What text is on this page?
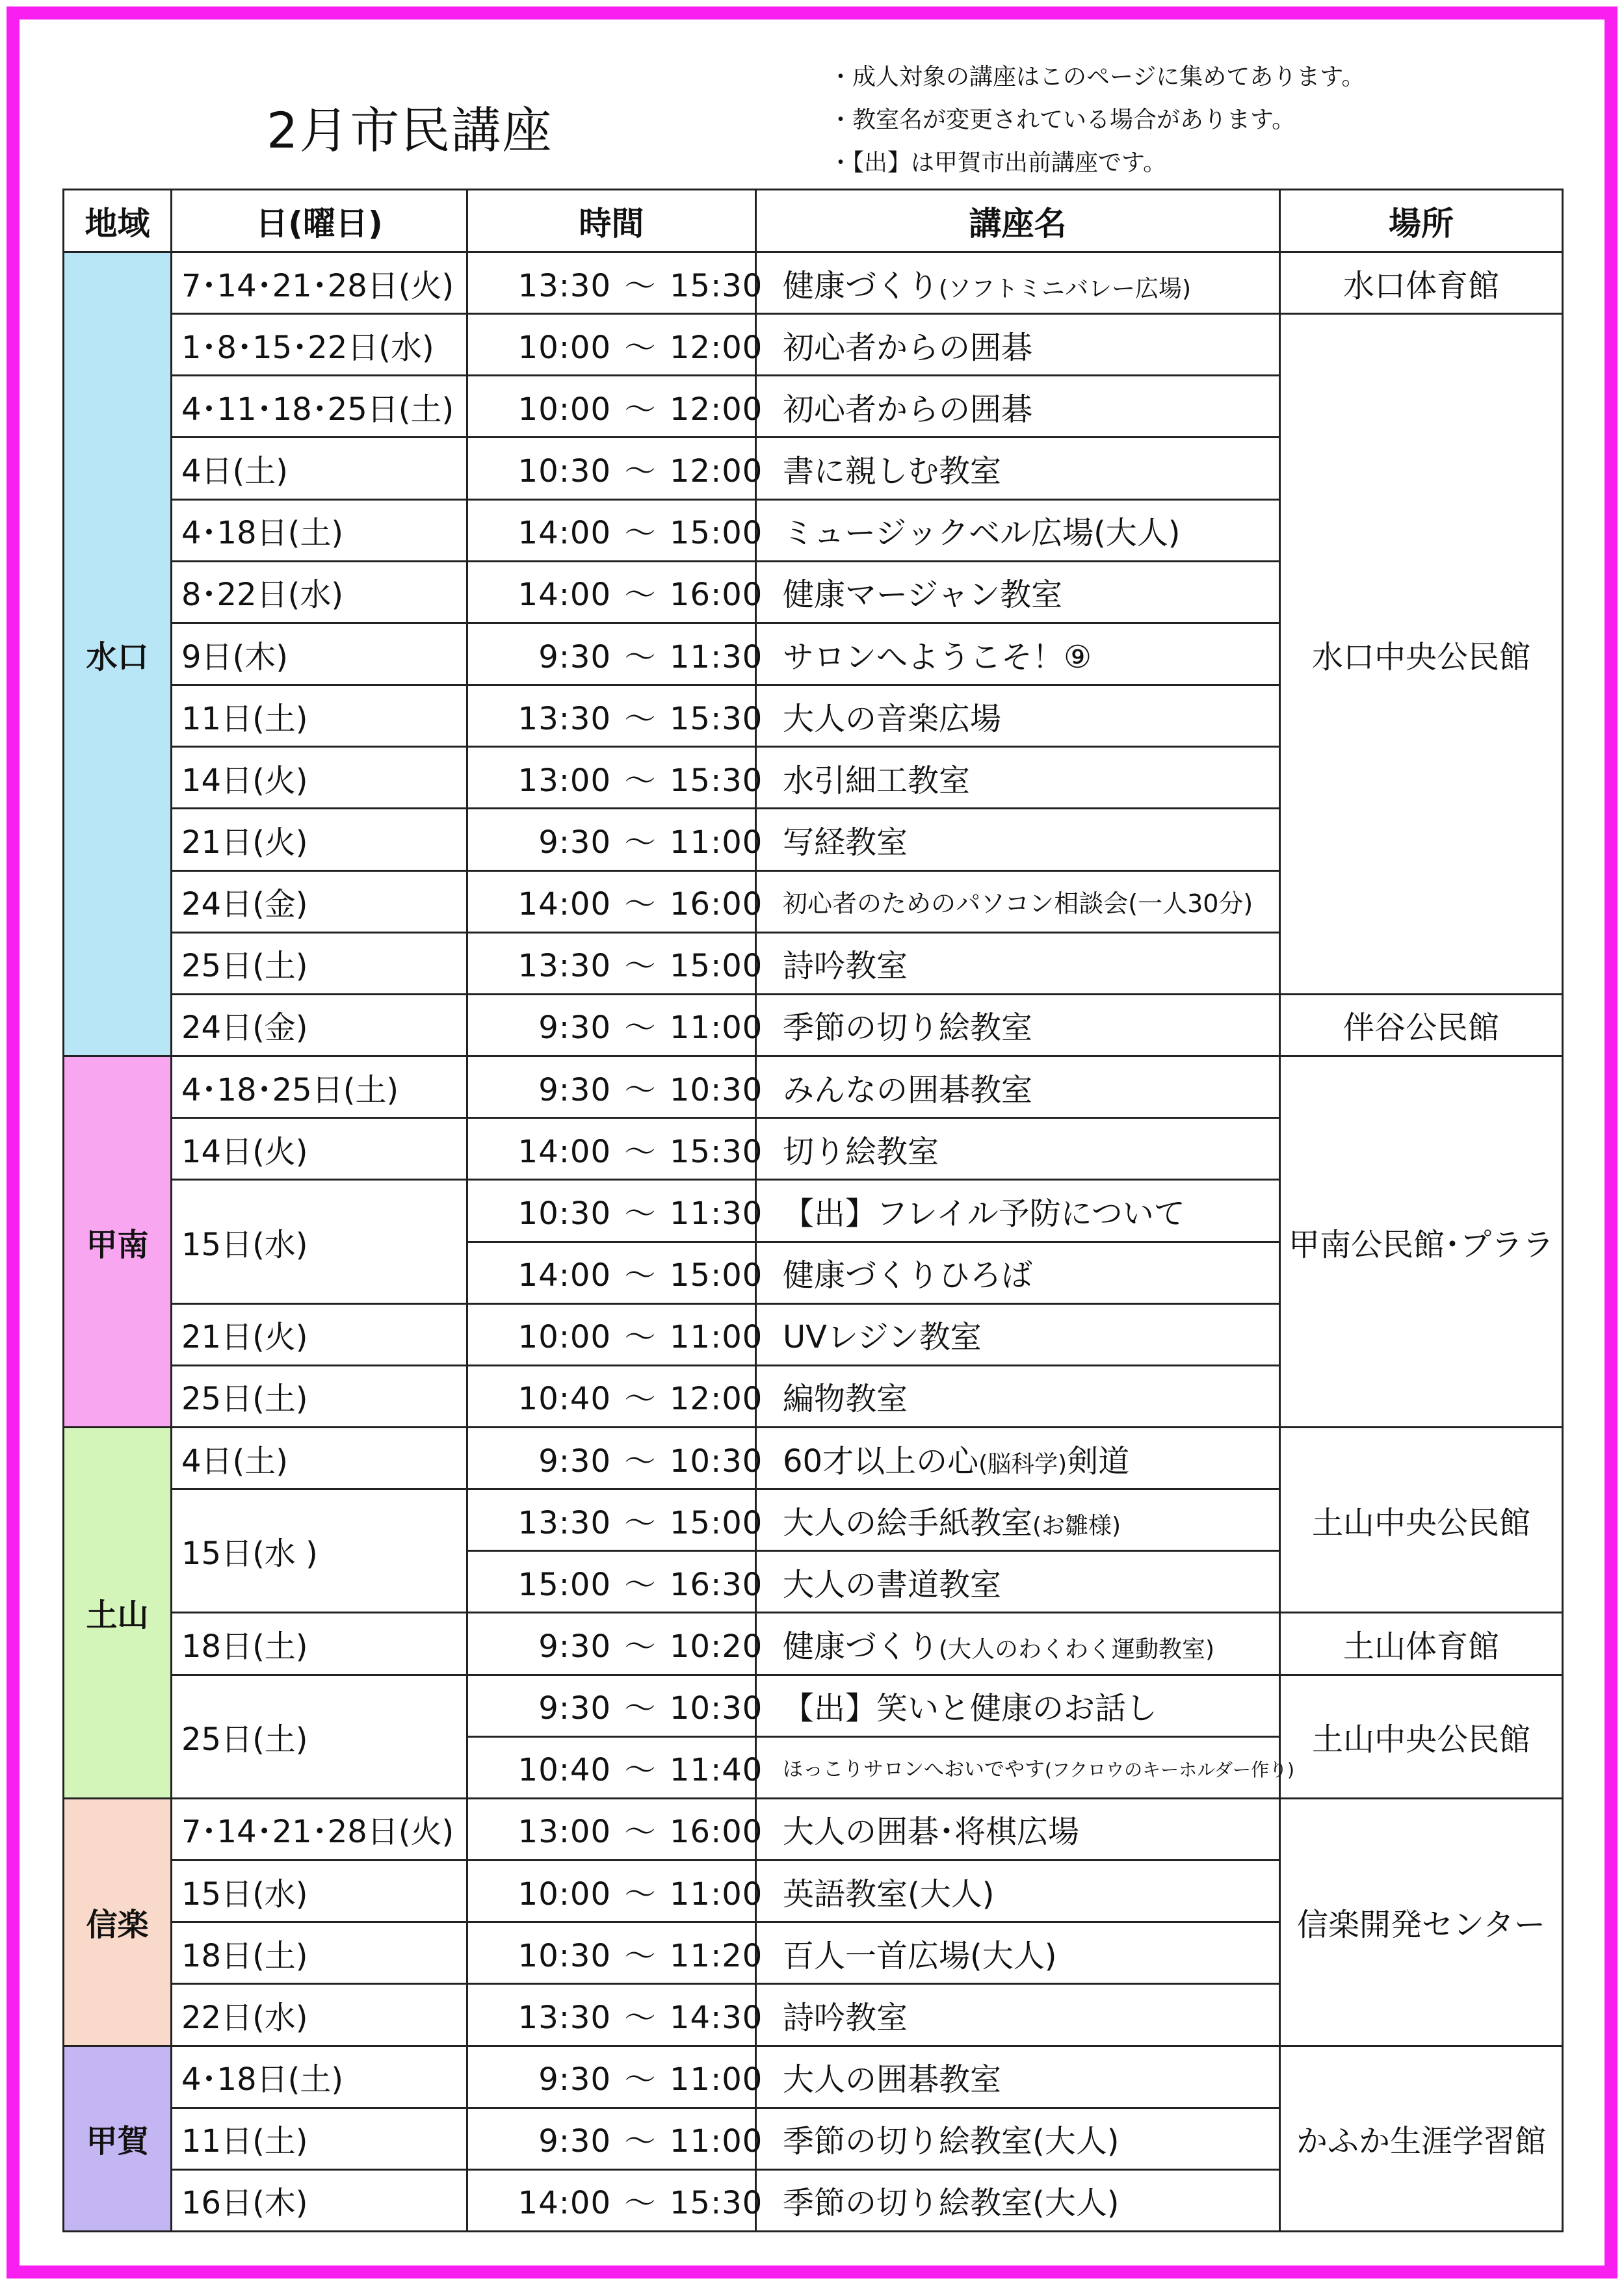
2月市民講座
・成人対象の講座はこのページに集めてあります。
・教室名が変更されている場合があります。
・【出】は甲賀市出前講座です。
地域	日(曜日)	時間	講座名	場所
水口	7･14･21･28日(火)	13:30 ～ 15:30	健康づくり(ソフトミニバレー広場)	水口体育館
	1･8･15･22日(水)	10:00 ～ 12:00	初心者からの囲碁	水口中央公民館
	4･11･18･25日(土)	10:00 ～ 12:00	初心者からの囲碁	
	4日(土)	10:30 ～ 12:00	書に親しむ教室	
	4･18日(土)	14:00 ～ 15:00	ミュージックベル広場(大人)	
	8･22日(水)	14:00 ～ 16:00	健康マージャン教室	
	9日(木)	9:30 ～ 11:30	サロンへようこそ！⑨	
	11日(土)	13:30 ～ 15:30	大人の音楽広場	
	14日(火)	13:00 ～ 15:30	水引細工教室	
	21日(火)	9:30 ～ 11:00	写経教室	
	24日(金)	14:00 ～ 16:00	初心者のためのパソコン相談会(一人30分)	
	25日(土)	13:30 ～ 15:00	詩吟教室	
	24日(金)	9:30 ～ 11:00	季節の切り絵教室	伴谷公民館
甲南	4･18･25日(土)	9:30 ～ 10:30	みんなの囲碁教室	甲南公民館･プララ
	14日(火)	14:00 ～ 15:30	切り絵教室	
	15日(水)	10:30 ～ 11:30	【出】フレイル予防について	
		14:00 ～ 15:00	健康づくりひろば	
	21日(火)	10:00 ～ 11:00	UVレジン教室	
	25日(土)	10:40 ～ 12:00	編物教室	
土山	4日(土)	9:30 ～ 10:30	60才以上の心(脳科学)剣道	土山中央公民館
	15日(水 )	13:30 ～ 15:00	大人の絵手紙教室(お雛様)	
		15:00 ～ 16:30	大人の書道教室	
	18日(土)	9:30 ～ 10:20	健康づくり(大人のわくわく運動教室)	土山体育館
	25日(土)	9:30 ～ 10:30	【出】笑いと健康のお話し	土山中央公民館
		10:40 ～ 11:40	ほっこりサロンへおいでやす(フクロウのキーホルダー作り)	
信楽	7･14･21･28日(火)	13:00 ～ 16:00	大人の囲碁･将棋広場	信楽開発センター
	15日(水)	10:00 ～ 11:00	英語教室(大人)	
	18日(土)	10:30 ～ 11:20	百人一首広場(大人)	
	22日(水)	13:30 ～ 14:30	詩吟教室	
甲賀	4･18日(土)	9:30 ～ 11:00	大人の囲碁教室	かふか生涯学習館
	11日(土)	9:30 ～ 11:00	季節の切り絵教室(大人)	
	16日(木)	14:00 ～ 15:30	季節の切り絵教室(大人)	
